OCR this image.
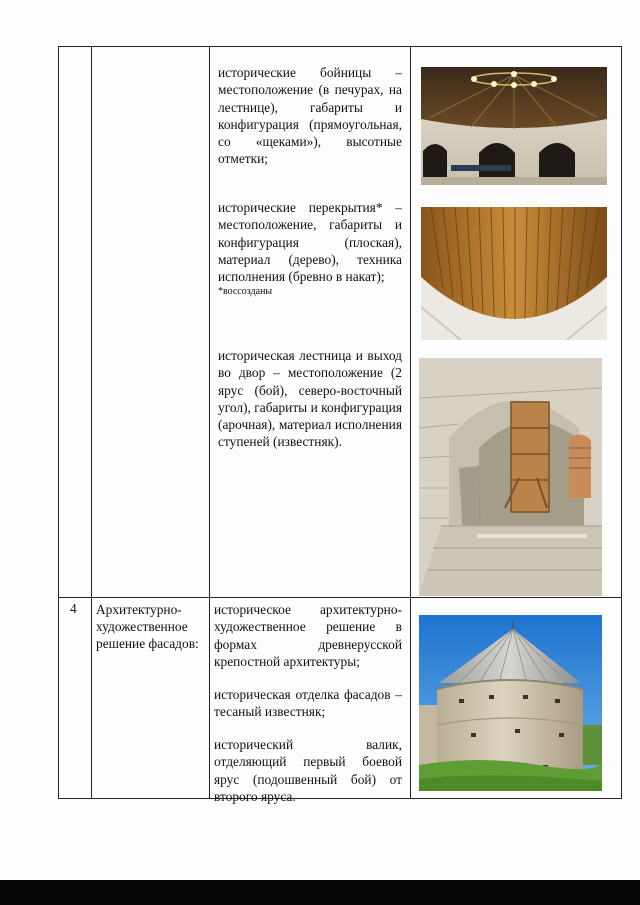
исторические бойницы – местоположение (в печурах, на лестнице), габариты и конфигурация (прямоугольная, со «щеками»), высотные отметки;
исторические перекрытия* – местоположение, габариты и конфигурация (плоская), материал (дерево), техника исполнения (бревно в накат);
*воссозданы
историческая лестница и выход во двор – местоположение (2 ярус (бой), северо-восточный угол), габариты и конфигурация (арочная), материал исполнения ступеней (известняк).
4 Архитектурно-художественное решение фасадов:
историческое архитектурно-художественное решение в формах древнерусской крепостной архитектуры;
историческая отделка фасадов – тесаный известняк;
исторический валик, отделяющий первый боевой ярус (подошвенный бой) от второго яруса.
